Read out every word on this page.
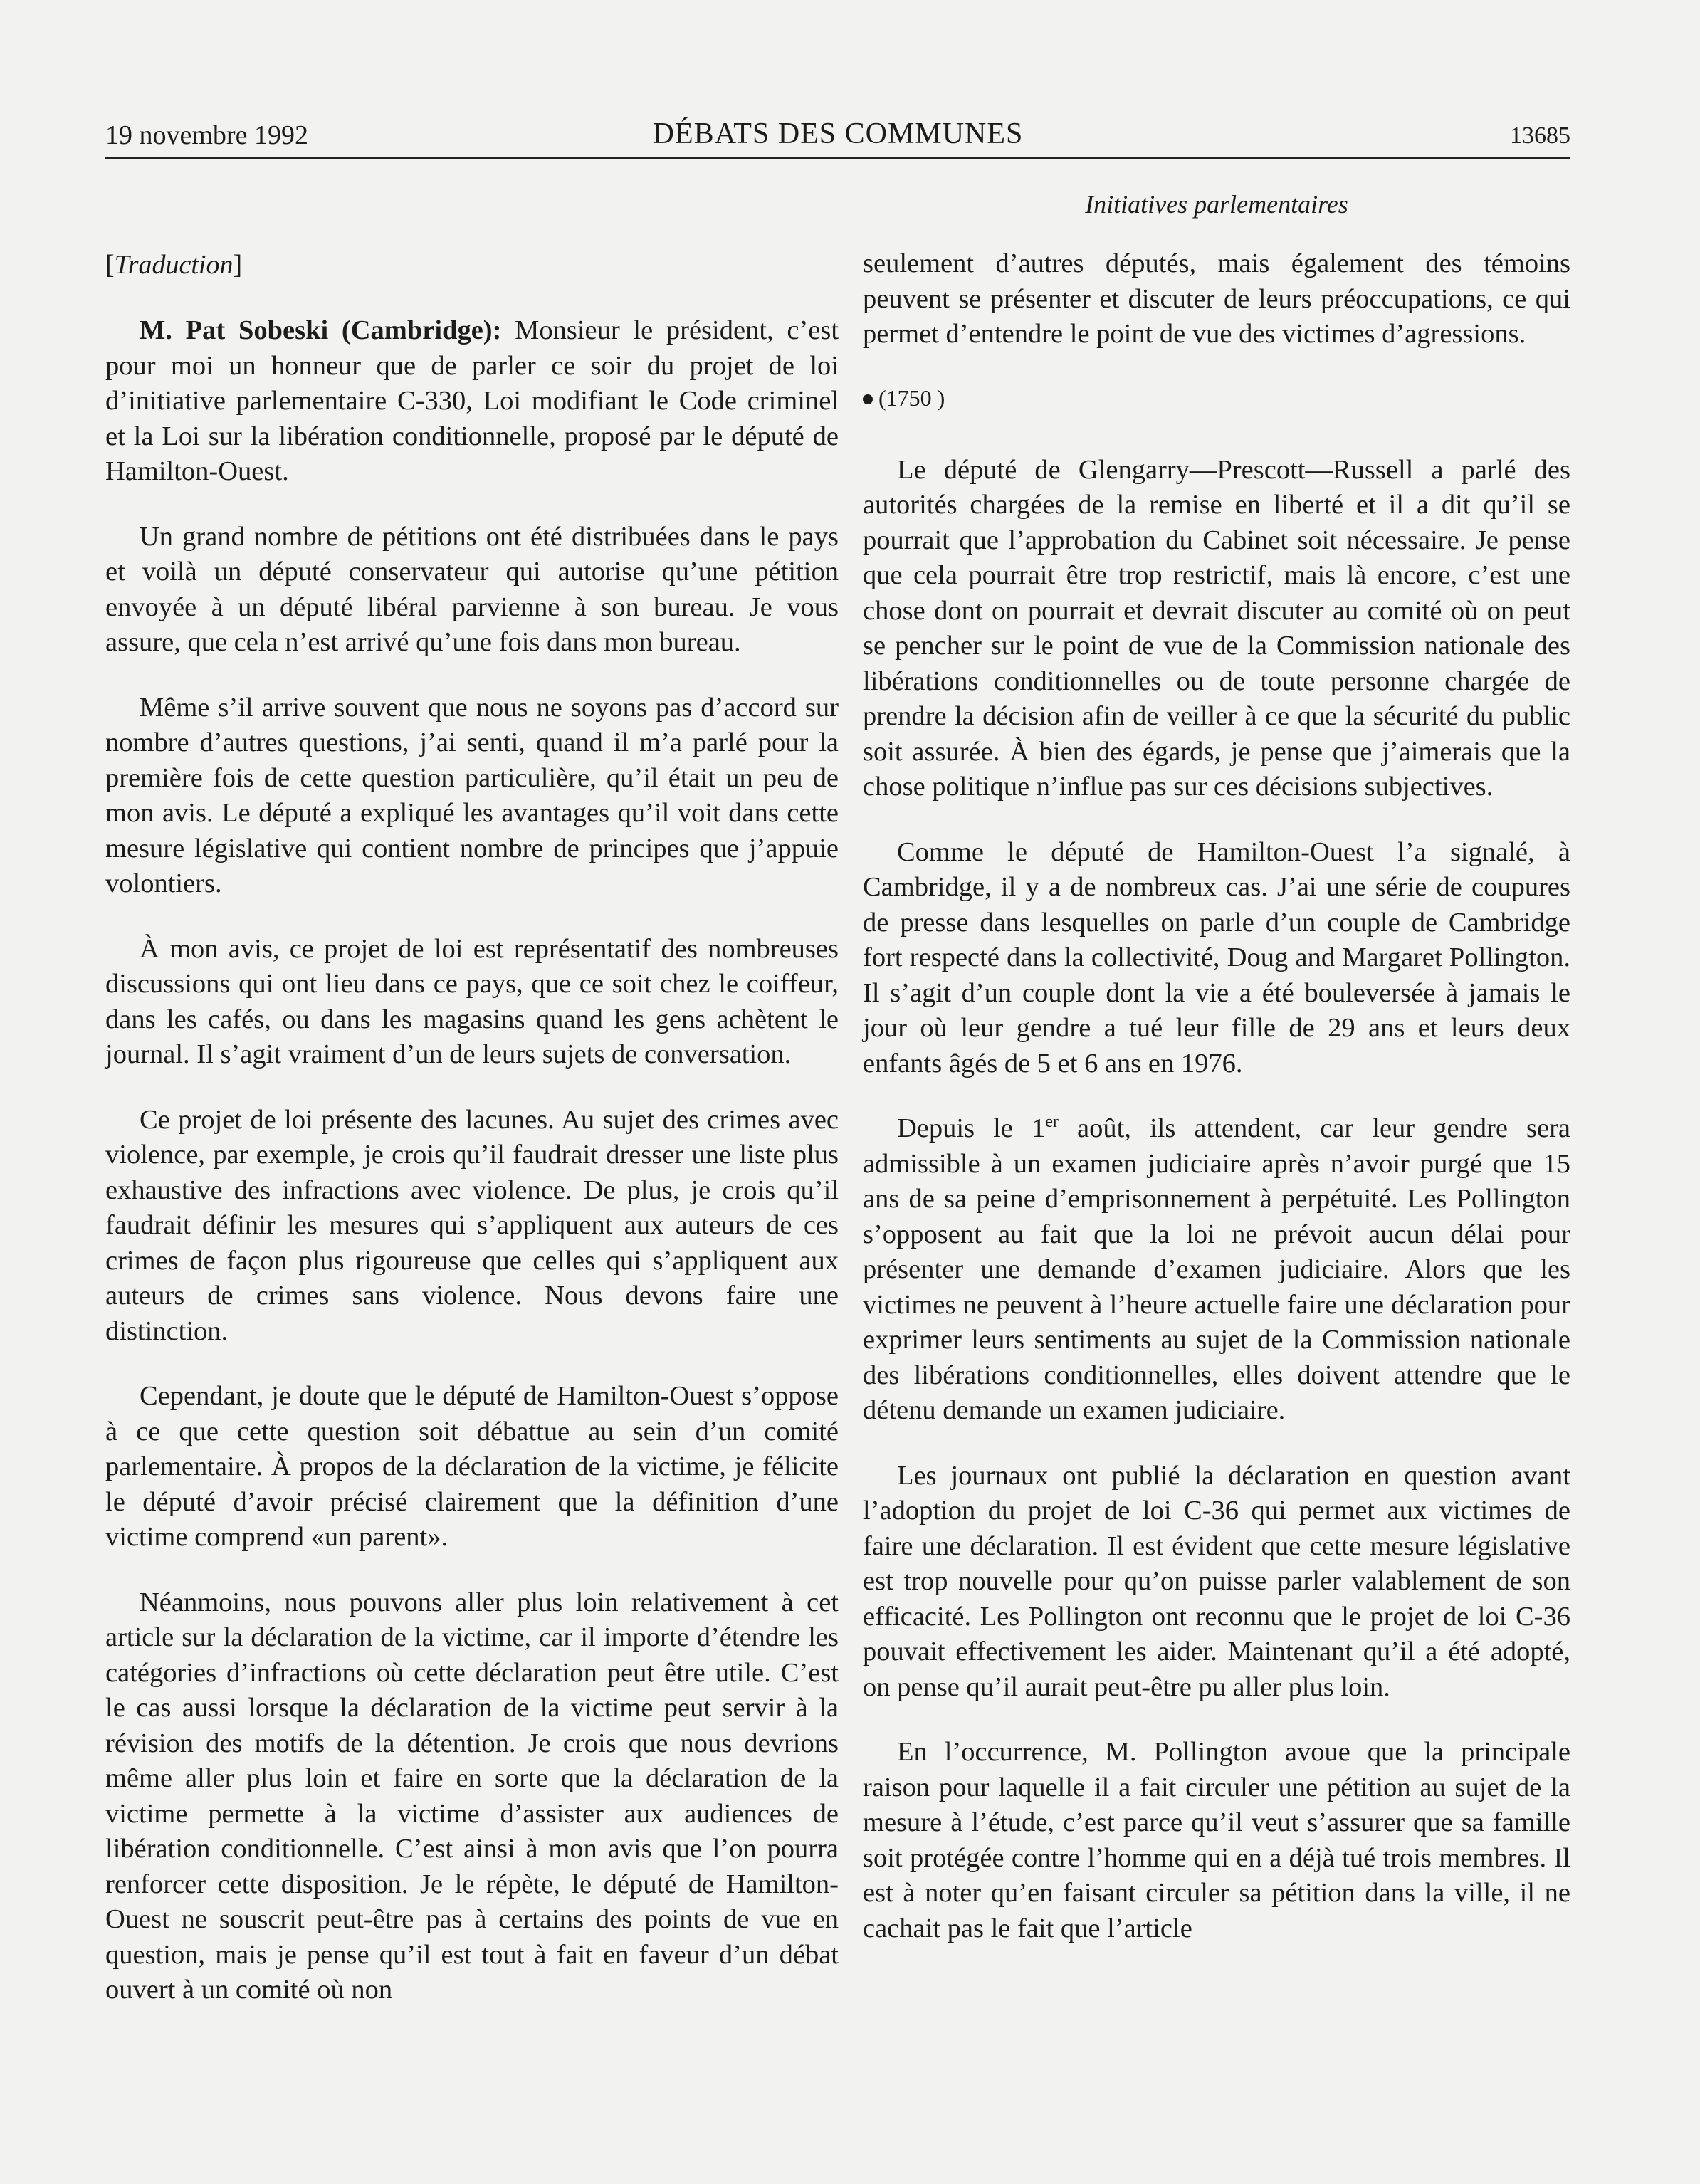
19 novembre 1992	DÉBATS DES COMMUNES	13685
Initiatives parlementaires
[Traduction]

M. Pat Sobeski (Cambridge): Monsieur le président, c’est pour moi un honneur que de parler ce soir du projet de loi d’initiative parlementaire C-330, Loi modifiant le Code criminel et la Loi sur la libération conditionnelle, proposé par le député de Hamilton-Ouest.

Un grand nombre de pétitions ont été distribuées dans le pays et voilà un député conservateur qui autorise qu’une pétition envoyée à un député libéral parvienne à son bureau. Je vous assure, que cela n’est arrivé qu’une fois dans mon bureau.

Même s’il arrive souvent que nous ne soyons pas d’accord sur nombre d’autres questions, j’ai senti, quand il m’a parlé pour la première fois de cette question particulière, qu’il était un peu de mon avis. Le député a expliqué les avantages qu’il voit dans cette mesure législative qui contient nombre de principes que j’appuie volontiers.

À mon avis, ce projet de loi est représentatif des nombreuses discussions qui ont lieu dans ce pays, que ce soit chez le coiffeur, dans les cafés, ou dans les magasins quand les gens achètent le journal. Il s’agit vraiment d’un de leurs sujets de conversation.

Ce projet de loi présente des lacunes. Au sujet des crimes avec violence, par exemple, je crois qu’il faudrait dresser une liste plus exhaustive des infractions avec violence. De plus, je crois qu’il faudrait définir les mesures qui s’appliquent aux auteurs de ces crimes de façon plus rigoureuse que celles qui s’appliquent aux auteurs de crimes sans violence. Nous devons faire une distinction.

Cependant, je doute que le député de Hamilton-Ouest s’oppose à ce que cette question soit débattue au sein d’un comité parlementaire. À propos de la déclaration de la victime, je félicite le député d’avoir précisé clairement que la définition d’une victime comprend «un parent».

Néanmoins, nous pouvons aller plus loin relativement à cet article sur la déclaration de la victime, car il importe d’étendre les catégories d’infractions où cette déclaration peut être utile. C’est le cas aussi lorsque la déclaration de la victime peut servir à la révision des motifs de la détention. Je crois que nous devrions même aller plus loin et faire en sorte que la déclaration de la victime permette à la victime d’assister aux audiences de libération conditionnelle. C’est ainsi à mon avis que l’on pourra renforcer cette disposition. Je le répète, le député de Hamilton-Ouest ne souscrit peut-être pas à certains des points de vue en question, mais je pense qu’il est tout à fait en faveur d’un débat ouvert à un comité où non

seulement d’autres députés, mais également des témoins peuvent se présenter et discuter de leurs préoccupations, ce qui permet d’entendre le point de vue des victimes d’agressions.

(1750 )

Le député de Glengarry—Prescott—Russell a parlé des autorités chargées de la remise en liberté et il a dit qu’il se pourrait que l’approbation du Cabinet soit nécessaire. Je pense que cela pourrait être trop restrictif, mais là encore, c’est une chose dont on pourrait et devrait discuter au comité où on peut se pencher sur le point de vue de la Commission nationale des libérations conditionnelles ou de toute personne chargée de prendre la décision afin de veiller à ce que la sécurité du public soit assurée. À bien des égards, je pense que j’aimerais que la chose politique n’influe pas sur ces décisions subjectives.

Comme le député de Hamilton-Ouest l’a signalé, à Cambridge, il y a de nombreux cas. J’ai une série de coupures de presse dans lesquelles on parle d’un couple de Cambridge fort respecté dans la collectivité, Doug and Margaret Pollington. Il s’agit d’un couple dont la vie a été bouleversée à jamais le jour où leur gendre a tué leur fille de 29 ans et leurs deux enfants âgés de 5 et 6 ans en 1976.

Depuis le 1er août, ils attendent, car leur gendre sera admissible à un examen judiciaire après n’avoir purgé que 15 ans de sa peine d’emprisonnement à perpétuité. Les Pollington s’opposent au fait que la loi ne prévoit aucun délai pour présenter une demande d’examen judiciaire. Alors que les victimes ne peuvent à l’heure actuelle faire une déclaration pour exprimer leurs sentiments au sujet de la Commission nationale des libérations conditionnelles, elles doivent attendre que le détenu demande un examen judiciaire.

Les journaux ont publié la déclaration en question avant l’adoption du projet de loi C-36 qui permet aux victimes de faire une déclaration. Il est évident que cette mesure législative est trop nouvelle pour qu’on puisse parler valablement de son efficacité. Les Pollington ont reconnu que le projet de loi C-36 pouvait effectivement les aider. Maintenant qu’il a été adopté, on pense qu’il aurait peut-être pu aller plus loin.

En l’occurrence, M. Pollington avoue que la principale raison pour laquelle il a fait circuler une pétition au sujet de la mesure à l’étude, c’est parce qu’il veut s’assurer que sa famille soit protégée contre l’homme qui en a déjà tué trois membres. Il est à noter qu’en faisant circuler sa pétition dans la ville, il ne cachait pas le fait que l’article
